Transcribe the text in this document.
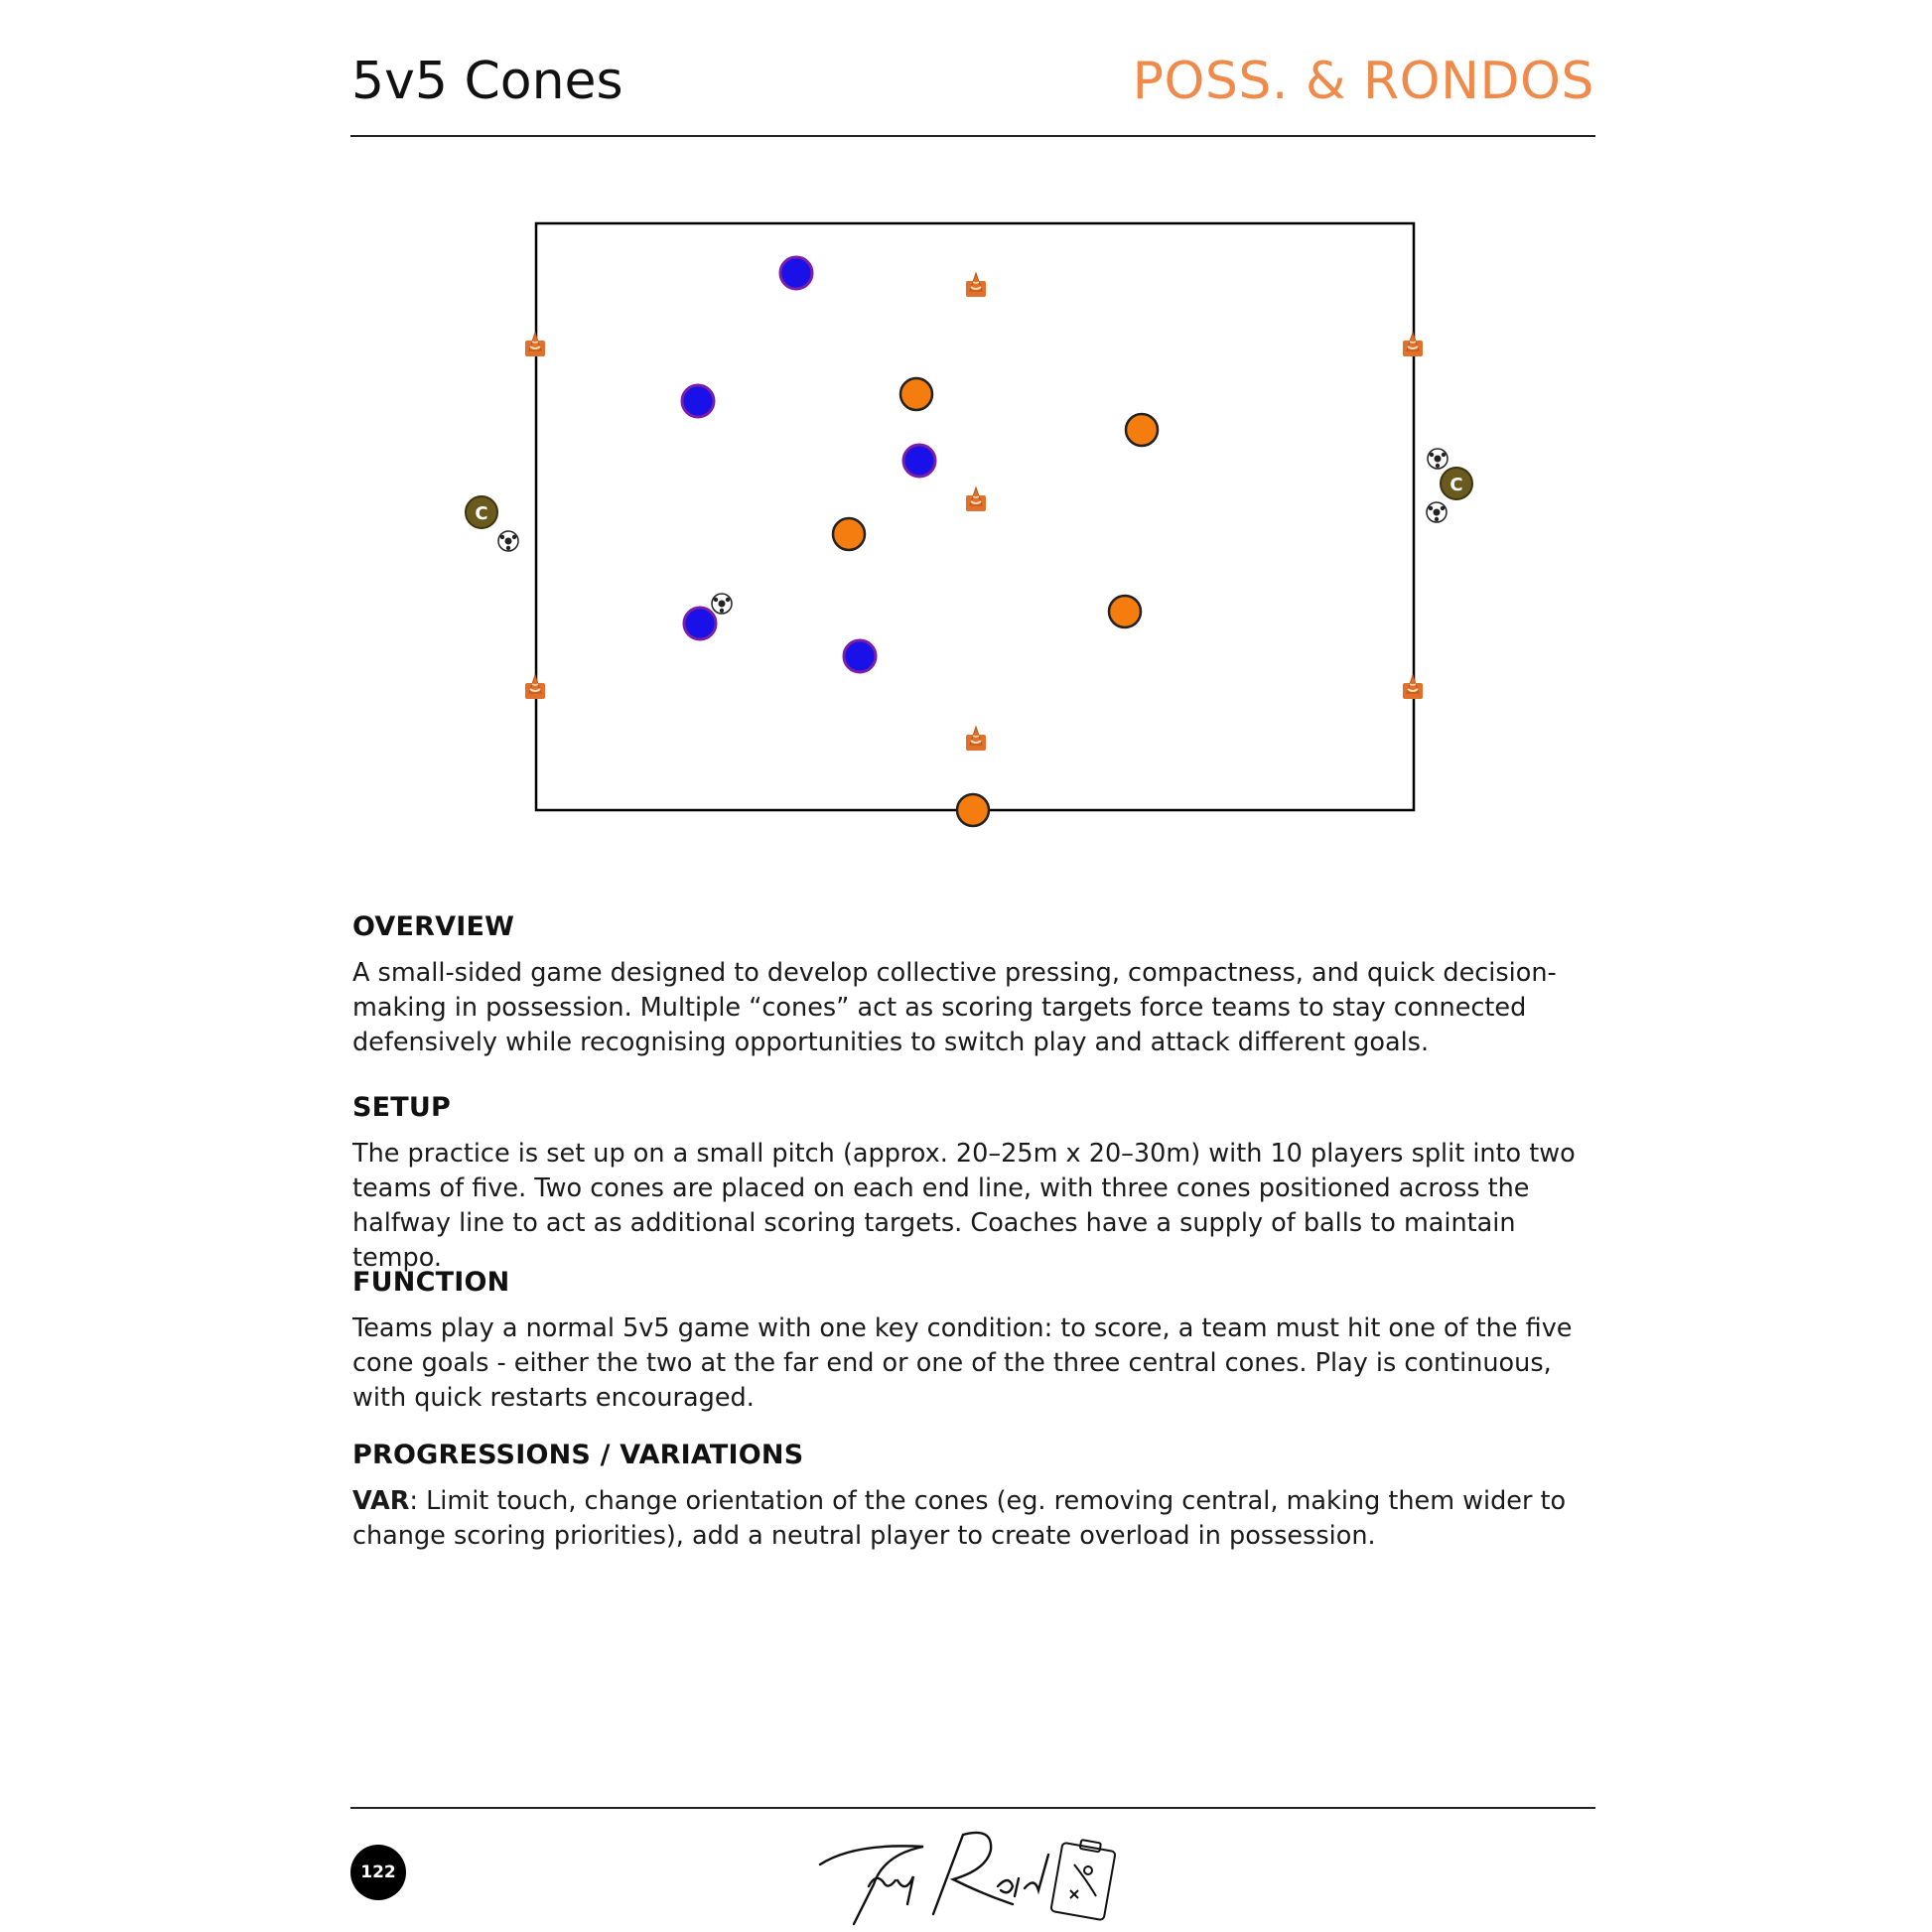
5v5 Cones	POSS. & RONDOS
C
C
OVERVIEW

A small-sided game designed to develop collective pressing, compactness, and quick decision-making in possession. Multiple “cones” act as scoring targets force teams to stay connected defensively while recognising opportunities to switch play and attack different goals.

SETUP

The practice is set up on a small pitch (approx. 20–25m x 20–30m) with 10 players split into two teams of five. Two cones are placed on each end line, with three cones positioned across the halfway line to act as additional scoring targets. Coaches have a supply of balls to maintain tempo.

FUNCTION

Teams play a normal 5v5 game with one key condition: to score, a team must hit one of the five cone goals - either the two at the far end or one of the three central cones. Play is continuous, with quick restarts encouraged.

PROGRESSIONS / VARIATIONS

VAR: Limit touch, change orientation of the cones (eg. removing central, making them wider to change scoring priorities), add a neutral player to create overload in possession.

122
